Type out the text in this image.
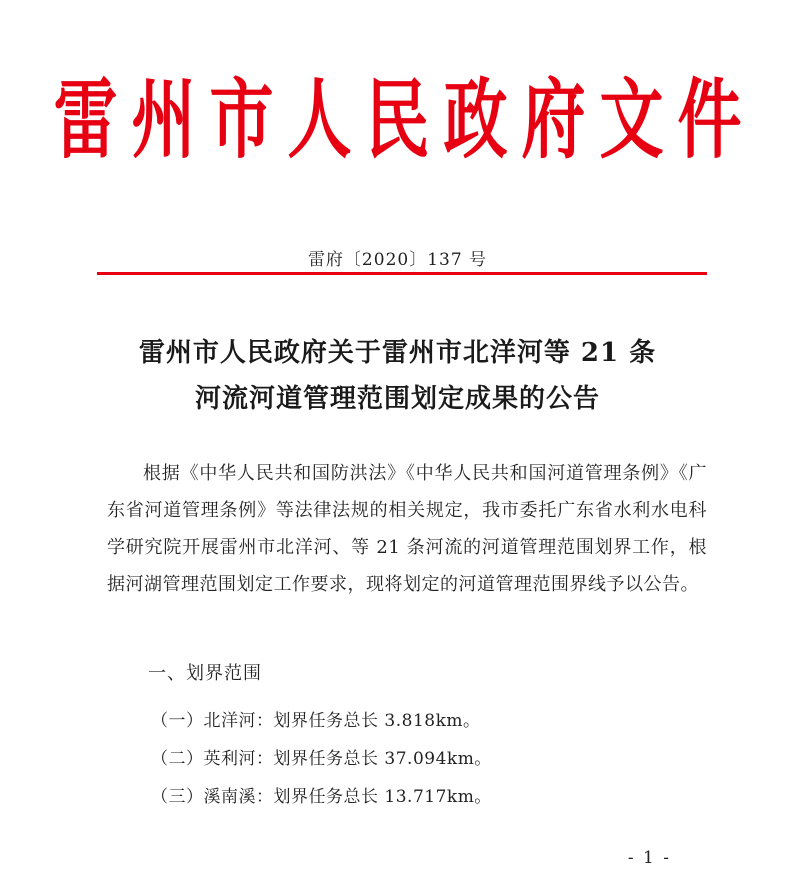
雷州市人民政府文件
雷府〔2020〕137 号
雷州市人民政府关于雷州市北洋河等 21 条
河流河道管理范围划定成果的公告

根据《中华人民共和国防洪法》《中华人民共和国河道管理条例》《广东省河道管理条例》等法律法规的相关规定，我市委托广东省水利水电科学研究院开展雷州市北洋河、等 21 条河流的河道管理范围划界工作，根据河湖管理范围划定工作要求，现将划定的河道管理范围界线予以公告。

一、划界范围
（一）北洋河：划界任务总长 3.818km。
（二）英利河：划界任务总长 37.094km。
（三）溪南溪：划界任务总长 13.717km。
- 1 -
